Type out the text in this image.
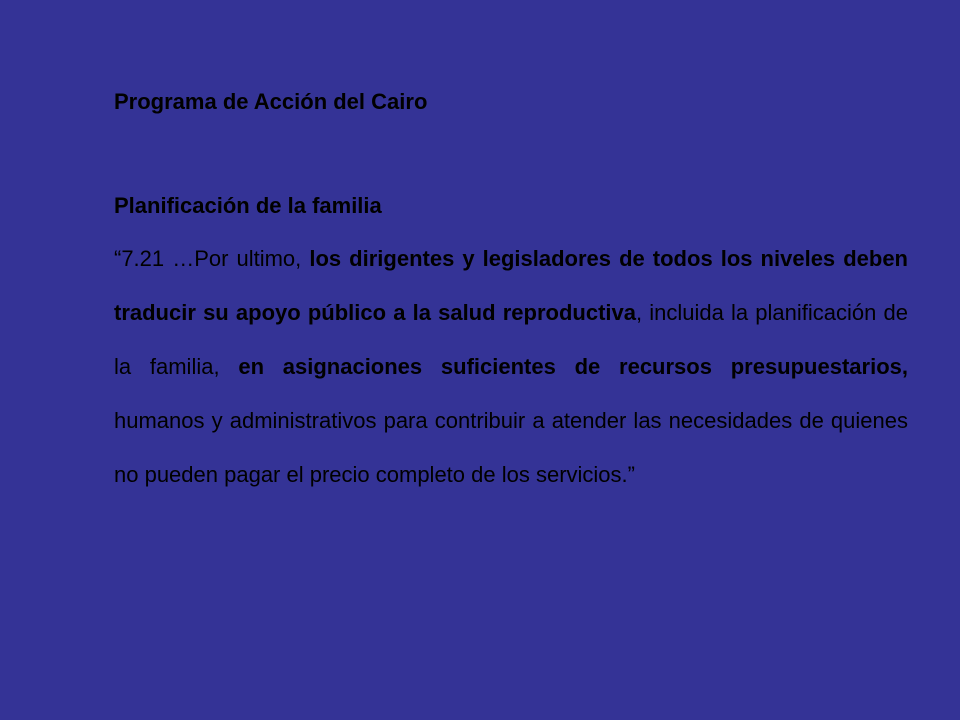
Programa de Acción del Cairo

Planificación de la familia

“7.21 …Por ultimo, los dirigentes y legisladores de todos los niveles deben traducir su apoyo público a la salud reproductiva, incluida la planificación de la familia, en asignaciones suficientes de recursos presupuestarios, humanos y administrativos para contribuir a atender las necesidades de quienes no pueden pagar el precio completo de los servicios.”
